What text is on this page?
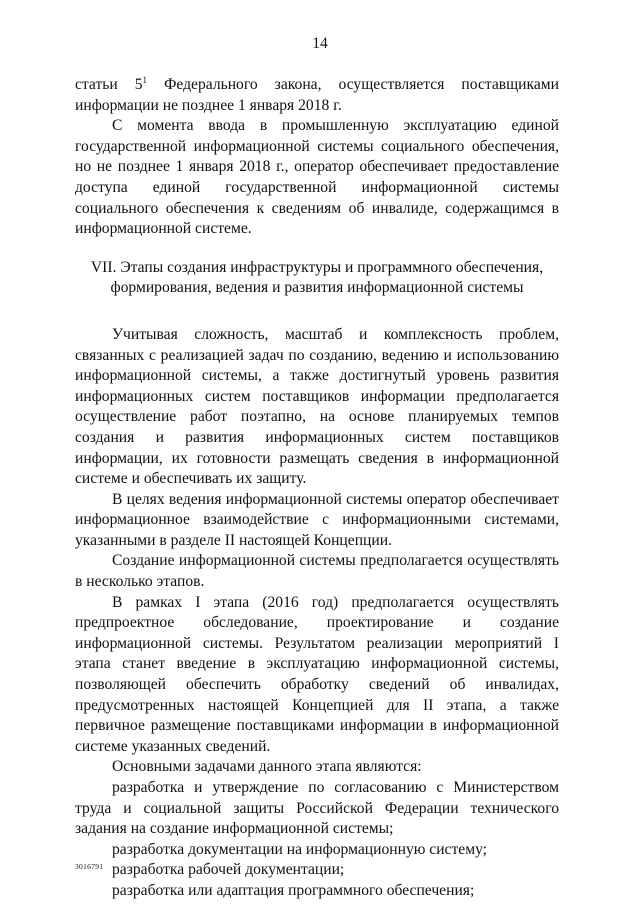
14

статьи $5^1$ Федерального закона, осуществляется поставщиками информации не позднее 1 января 2018 г.

С момента ввода в промышленную эксплуатацию единой государственной информационной системы социального обеспечения, но не позднее 1 января 2018 г., оператор обеспечивает предоставление доступа единой государственной информационной системы социального обеспечения к сведениям об инвалиде, содержащимся в информационной системе.

VII. Этапы создания инфраструктуры и программного обеспечения,
формирования, ведения и развития информационной системы

Учитывая сложность, масштаб и комплексность проблем, связанных с реализацией задач по созданию, ведению и использованию информационной системы, а также достигнутый уровень развития информационных систем поставщиков информации предполагается осуществление работ поэтапно, на основе планируемых темпов создания и развития информационных систем поставщиков информации, их готовности размещать сведения в информационной системе и обеспечивать их защиту.

В целях ведения информационной системы оператор обеспечивает информационное взаимодействие с информационными системами, указанными в разделе II настоящей Концепции.

Создание информационной системы предполагается осуществлять в несколько этапов.

В рамках I этапа (2016 год) предполагается осуществлять предпроектное обследование, проектирование и создание информационной системы. Результатом реализации мероприятий I этапа станет введение в эксплуатацию информационной системы, позволяющей обеспечить обработку сведений об инвалидах, предусмотренных настоящей Концепцией для II этапа, а также первичное размещение поставщиками информации в информационной системе указанных сведений.

Основными задачами данного этапа являются:

разработка и утверждение по согласованию с Министерством труда и социальной защиты Российской Федерации технического задания на создание информационной системы;

разработка документации на информационную систему;

разработка рабочей документации;

разработка или адаптация программного обеспечения;

3016791
